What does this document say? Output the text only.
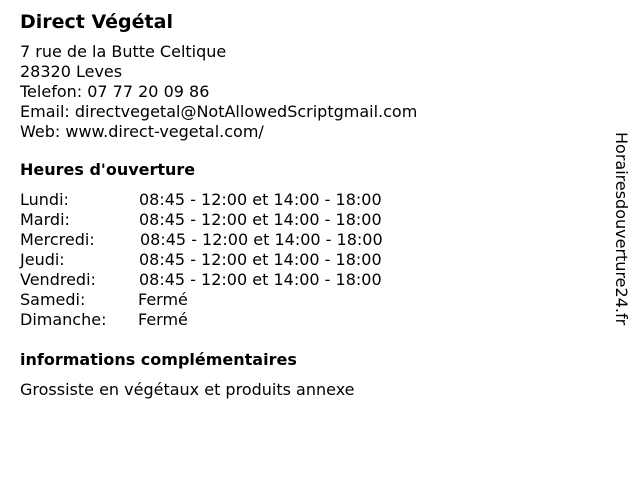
Direct Végétal
7 rue de la Butte Celtique
28320 Leves
Telefon: 07 77 20 09 86
Email: directvegetal@NotAllowedScriptgmail.com
Web: www.direct-vegetal.com/
Heures d'ouverture
Lundi:	08:45 - 12:00 et 14:00 - 18:00
Mardi:	08:45 - 12:00 et 14:00 - 18:00
Mercredi:	08:45 - 12:00 et 14:00 - 18:00
Jeudi:	08:45 - 12:00 et 14:00 - 18:00
Vendredi:	08:45 - 12:00 et 14:00 - 18:00
Samedi:	Fermé
Dimanche: Fermé
informations complémentaires
Grossiste en végétaux et produits annexe
Horairesdouverture24.fr
